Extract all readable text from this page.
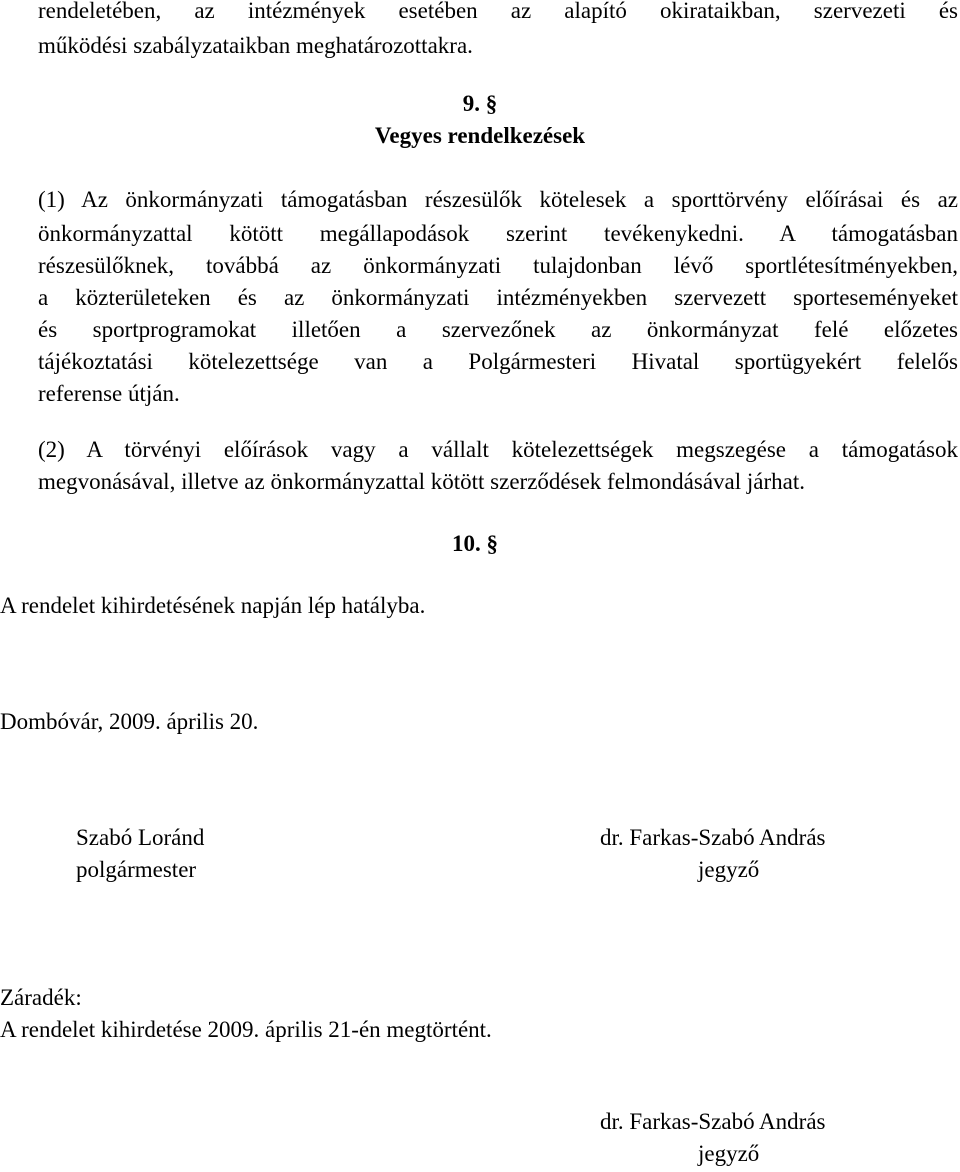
rendeletében, az intézmények esetében az alapító okirataikban, szervezeti és
működési szabályzataikban meghatározottakra.
9. §
Vegyes rendelkezések
(1) Az önkormányzati támogatásban részesülők kötelesek a sporttörvény előírásai és az
önkormányzattal kötött megállapodások szerint tevékenykedni. A támogatásban
részesülőknek, továbbá az önkormányzati tulajdonban lévő sportlétesítményekben,
a közterületeken és az önkormányzati intézményekben szervezett sporteseményeket
és sportprogramokat illetően a szervezőnek az önkormányzat felé előzetes
tájékoztatási kötelezettsége van a Polgármesteri Hivatal sportügyekért felelős
referense útján.
(2) A törvényi előírások vagy a vállalt kötelezettségek megszegése a támogatások
megvonásával, illetve az önkormányzattal kötött szerződések felmondásával járhat.
10. §
A rendelet kihirdetésének napján lép hatályba.
Dombóvár, 2009. április 20.
Szabó Loránd
polgármester
dr. Farkas-Szabó András
jegyző
Záradék:
A rendelet kihirdetése 2009. április 21-én megtörtént.
dr. Farkas-Szabó András
jegyző
